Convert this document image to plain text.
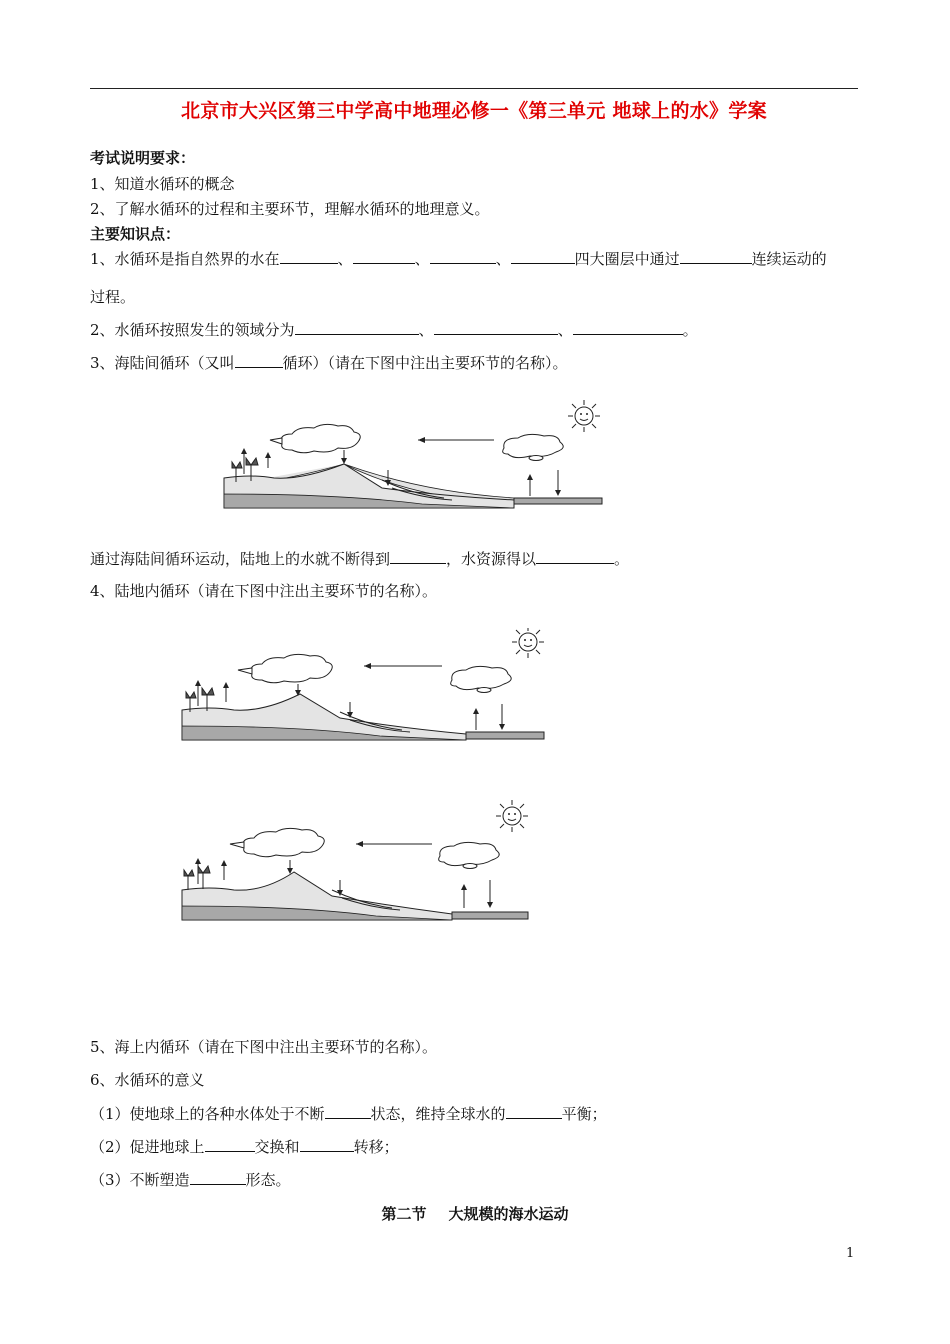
北京市大兴区第三中学高中地理必修一《第三单元 地球上的水》学案
考试说明要求：
1、知道水循环的概念
2、了解水循环的过程和主要环节，理解水循环的地理意义。
主要知识点：
1、水循环是指自然界的水在	、	、	、	四大圈层中通过	连续运动的
过程。
2、水循环按照发生的领域分为	、	、	。
3、海陆间循环（又叫	循环）（请在下图中注出主要环节的名称）。
通过海陆间循环运动，陆地上的水就不断得到	，水资源得以	。
4、陆地内循环（请在下图中注出主要环节的名称）。
5、海上内循环（请在下图中注出主要环节的名称）。
6、水循环的意义
（1）使地球上的各种水体处于不断	状态，维持全球水的	平衡；
（2）促进地球上	交换和	转移；
（3）不断塑造	形态。
第二节 大规模的海水运动
1
